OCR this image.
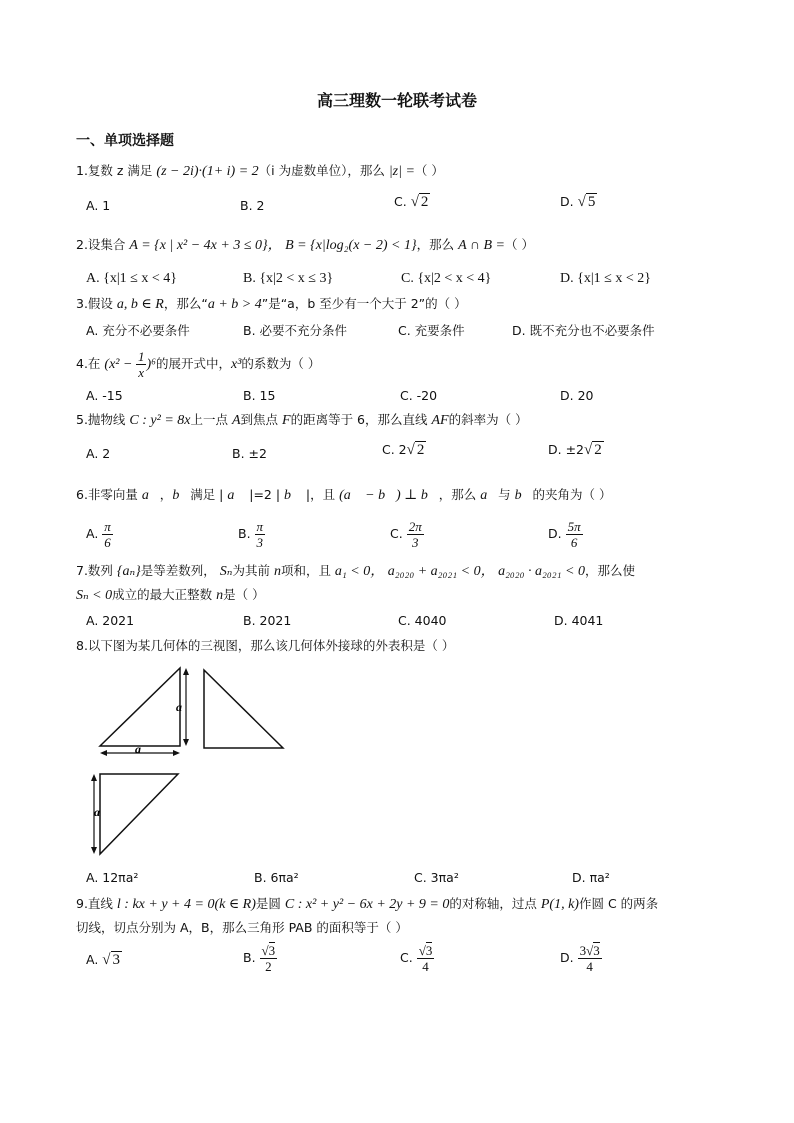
高三理数一轮联考试卷
一、单项选择题
1.复数 z 满足 (z − 2i)·(1+ i) = 2（i 为虚数单位），那么 |z| =（ ）
A. 1	B. 2	C. √ 2	D. √ 5
2.设集合 A = {x | x² − 4x + 3 ≤ 0}， B = {x|log₂(x − 2) < 1}，那么 A ∩ B =（ ）
A. {x|1 ≤ x < 4}	B. {x|2 < x ≤ 3}	C. {x|2 < x < 4}	D. {x|1 ≤ x < 2}
3.假设 a, b ∈ R，那么“a + b > 4”是“a，b 至少有一个大于 2”的（ ）
A. 充分不必要条件	B. 必要不充分条件	C. 充要条件	D. 既不充分也不必要条件
4.在 $(x^2 - \frac{1}{x} )^6$的展开式中，x³的系数为（ ）
A. -15	B. 15	C. -20	D. 20
5.抛物线 C : y² = 8x上一点 A到焦点 F的距离等于 6，那么直线 AF的斜率为（ ）
A. 2	B. ±2	C. 2√ 2	D. ±2√ 2
6.非零向量 a⃗，b⃗满足 | a⃗ |=2 | b⃗ |，且 (a⃗ − b⃗) ⊥ b⃗，那么 a⃗与 b⃗的夹角为（ ）
A. $\frac{\pi}{6}$	B. $\frac{\pi}{3}$	C. $\frac{2\pi}{3}$	D. $\frac{5\pi}{6}$
7.数列 {aₙ}是等差数列， Sₙ为其前 n项和，且 a₁ < 0， a₂₀₂₀ + a₂₀₂₁ < 0， a₂₀₂₀ · a₂₀₂₁ < 0，那么使
Sₙ < 0成立的最大正整数 n是（ ）
A. 2021	B. 2021	C. 4040	D. 4041
8.以下图为某几何体的三视图，那么该几何体外接球的外表积是（ ）
a
a
a
A. 12πa²	B. 6πa²	C. 3πa²	D. πa²
9.直线 l : kx + y + 4 = 0(k ∈ R)是圆 C : x² + y² − 6x + 2y + 9 = 0的对称轴，过点 P(1, k)作圆 C 的两条
切线，切点分别为 A，B，那么三角形 PAB 的面积等于（ ）
A. √ 3	B. $\frac{√3}{2}$	C. $\frac{√3}{4}$	D. $\frac{3√3}{4}$
